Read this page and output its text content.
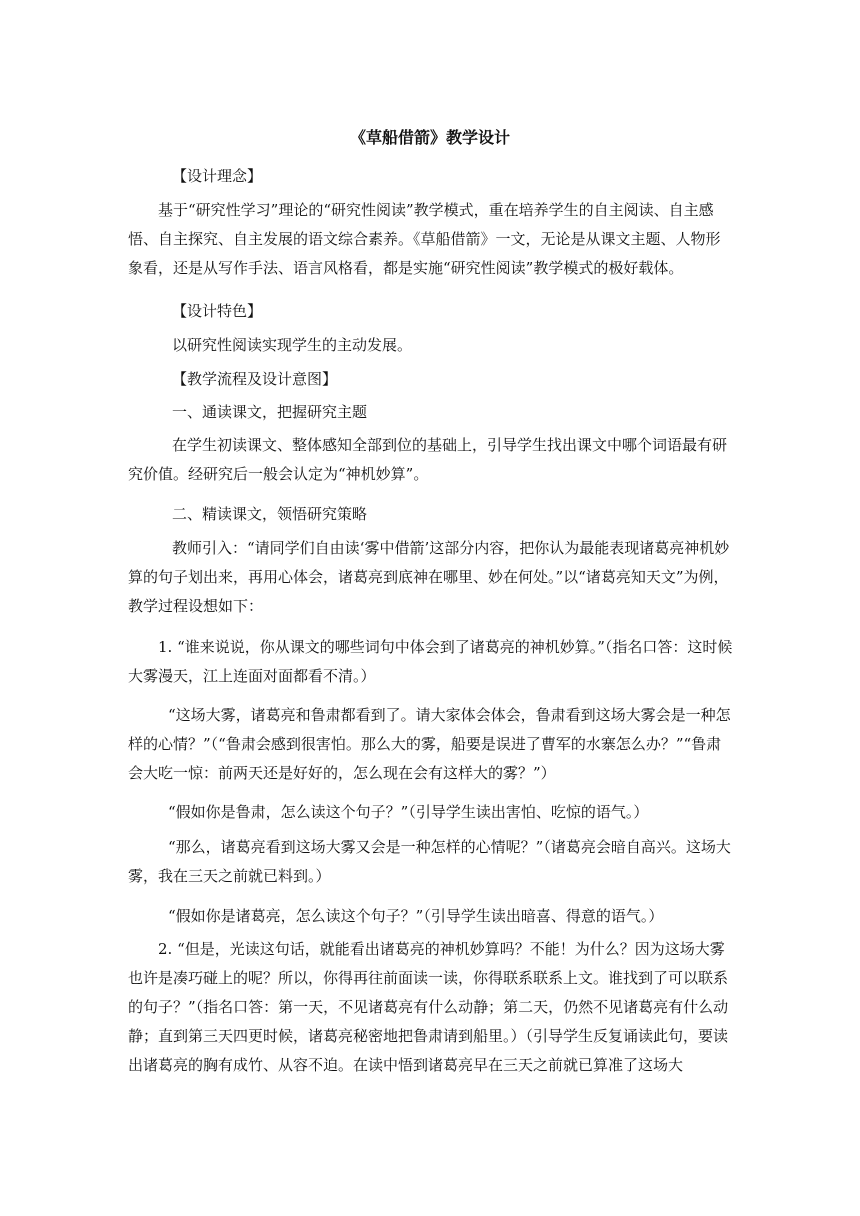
《草船借箭》教学设计

【设计理念】

基于“研究性学习”理论的“研究性阅读”教学模式，重在培养学生的自主阅读、自主感悟、自主探究、自主发展的语文综合素养。《草船借箭》一文，无论是从课文主题、人物形象看，还是从写作手法、语言风格看，都是实施“研究性阅读”教学模式的极好载体。

【设计特色】

以研究性阅读实现学生的主动发展。

【教学流程及设计意图】

一、通读课文，把握研究主题

在学生初读课文、整体感知全部到位的基础上，引导学生找出课文中哪个词语最有研究价值。经研究后一般会认定为“神机妙算”。

二、精读课文，领悟研究策略

教师引入：“请同学们自由读‘雾中借箭’这部分内容，把你认为最能表现诸葛亮神机妙算的句子划出来，再用心体会，诸葛亮到底神在哪里、妙在何处。”以“诸葛亮知天文”为例，教学过程设想如下：

1. “谁来说说，你从课文的哪些词句中体会到了诸葛亮的神机妙算。”（指名口答：这时候大雾漫天，江上连面对面都看不清。）

“这场大雾，诸葛亮和鲁肃都看到了。请大家体会体会，鲁肃看到这场大雾会是一种怎样的心情？”（“鲁肃会感到很害怕。那么大的雾，船要是误进了曹军的水寨怎么办？”“鲁肃会大吃一惊：前两天还是好好的，怎么现在会有这样大的雾？”）

“假如你是鲁肃，怎么读这个句子？”（引导学生读出害怕、吃惊的语气。）

“那么，诸葛亮看到这场大雾又会是一种怎样的心情呢？”（诸葛亮会暗自高兴。这场大雾，我在三天之前就已料到。）

“假如你是诸葛亮，怎么读这个句子？”（引导学生读出暗喜、得意的语气。）

2. “但是，光读这句话，就能看出诸葛亮的神机妙算吗？不能！为什么？因为这场大雾也许是凑巧碰上的呢？所以，你得再往前面读一读，你得联系联系上文。谁找到了可以联系的句子？”（指名口答：第一天，不见诸葛亮有什么动静；第二天，仍然不见诸葛亮有什么动静；直到第三天四更时候，诸葛亮秘密地把鲁肃请到船里。）（引导学生反复诵读此句，要读出诸葛亮的胸有成竹、从容不迫。在读中悟到诸葛亮早在三天之前就已算准了这场大
